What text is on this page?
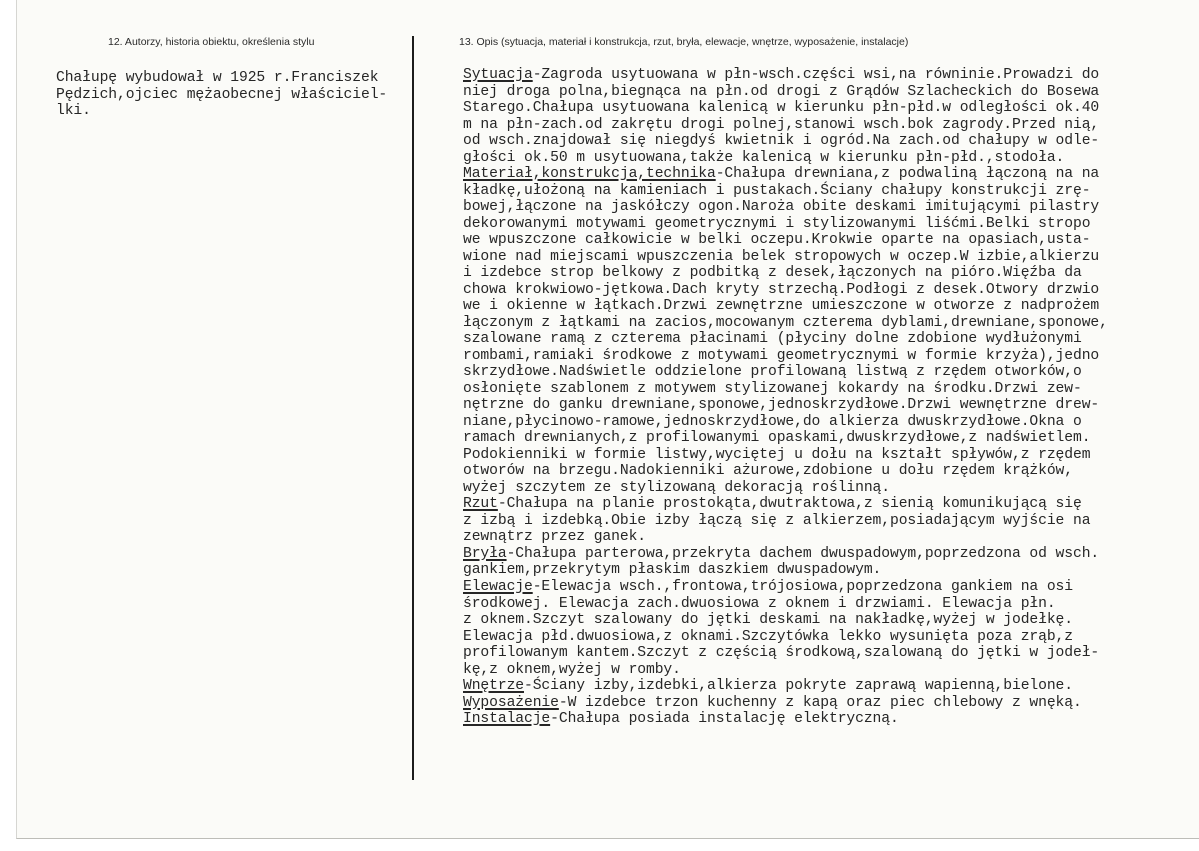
12. Autorzy, historia obiektu, określenia stylu	13. Opis (sytuacja, materiał i konstrukcja, rzut, bryła, elewacje, wnętrze, wyposażenie, instalacje)
Chałupę wybudował w 1925 r.Franciszek
Pędzich,ojciec mężaobecnej właściciel-
lki.
Sytuacja-Zagroda usytuowana w płn-wsch.części wsi,na równinie.Prowadzi do
niej droga polna,biegnąca na płn.od drogi z Grądów Szlacheckich do Bosewa
Starego.Chałupa usytuowana kalenicą w kierunku płn-płd.w odległości ok.40
m na płn-zach.od zakrętu drogi polnej,stanowi wsch.bok zagrody.Przed nią,
od wsch.znajdował się niegdyś kwietnik i ogród.Na zach.od chałupy w odle-
głości ok.50 m usytuowana,także kalenicą w kierunku płn-płd.,stodoła.
Materiał,konstrukcja,technika-Chałupa drewniana,z podwaliną łączoną na na
kładkę,ułożoną na kamieniach i pustakach.Ściany chałupy konstrukcji zrę-
bowej,łączone na jaskółczy ogon.Naroża obite deskami imitującymi pilastry
dekorowanymi motywami geometrycznymi i stylizowanymi liśćmi.Belki stropo
we wpuszczone całkowicie w belki oczepu.Krokwie oparte na opasiach,usta-
wione nad miejscami wpuszczenia belek stropowych w oczep.W izbie,alkierzu
i izdebce strop belkowy z podbitką z desek,łączonych na pióro.Więźba da
chowa krokwiowo-jętkowa.Dach kryty strzechą.Podłogi z desek.Otwory drzwio
we i okienne w łątkach.Drzwi zewnętrzne umieszczone w otworze z nadprożem
łączonym z łątkami na zacios,mocowanym czterema dyblami,drewniane,sponowe,
szalowane ramą z czterema płacinami (płyciny dolne zdobione wydłużonymi
rombami,ramiaki środkowe z motywami geometrycznymi w formie krzyża),jedno
skrzydłowe.Nadświetle oddzielone profilowaną listwą z rzędem otworków,o
osłonięte szablonem z motywem stylizowanej kokardy na środku.Drzwi zew-
nętrzne do ganku drewniane,sponowe,jednoskrzydłowe.Drzwi wewnętrzne drew-
niane,płycinowo-ramowe,jednoskrzydłowe,do alkierza dwuskrzydłowe.Okna o
ramach drewnianych,z profilowanymi opaskami,dwuskrzydłowe,z nadświetlem.
Podokienniki w formie listwy,wyciętej u dołu na kształt spływów,z rzędem
otworów na brzegu.Nadokienniki ażurowe,zdobione u dołu rzędem krążków,
wyżej szczytem ze stylizowaną dekoracją roślinną.
Rzut-Chałupa na planie prostokąta,dwutraktowa,z sienią komunikującą się
z izbą i izdebką.Obie izby łączą się z alkierzem,posiadającym wyjście na
zewnątrz przez ganek.
Bryła-Chałupa parterowa,przekryta dachem dwuspadowym,poprzedzona od wsch.
gankiem,przekrytym płaskim daszkiem dwuspadowym.
Elewacje-Elewacja wsch.,frontowa,trójosiowa,poprzedzona gankiem na osi
środkowej. Elewacja zach.dwuosiowa z oknem i drzwiami. Elewacja płn.
z oknem.Szczyt szalowany do jętki deskami na nakładkę,wyżej w jodełkę.
Elewacja płd.dwuosiowa,z oknami.Szczytówka lekko wysunięta poza zrąb,z
profilowanym kantem.Szczyt z częścią środkową,szalowaną do jętki w jodeł-
kę,z oknem,wyżej w romby.
Wnętrze-Ściany izby,izdebki,alkierza pokryte zaprawą wapienną,bielone.
Wyposażenie-W izdebce trzon kuchenny z kapą oraz piec chlebowy z wnęką.
Instalacje-Chałupa posiada instalację elektryczną.
